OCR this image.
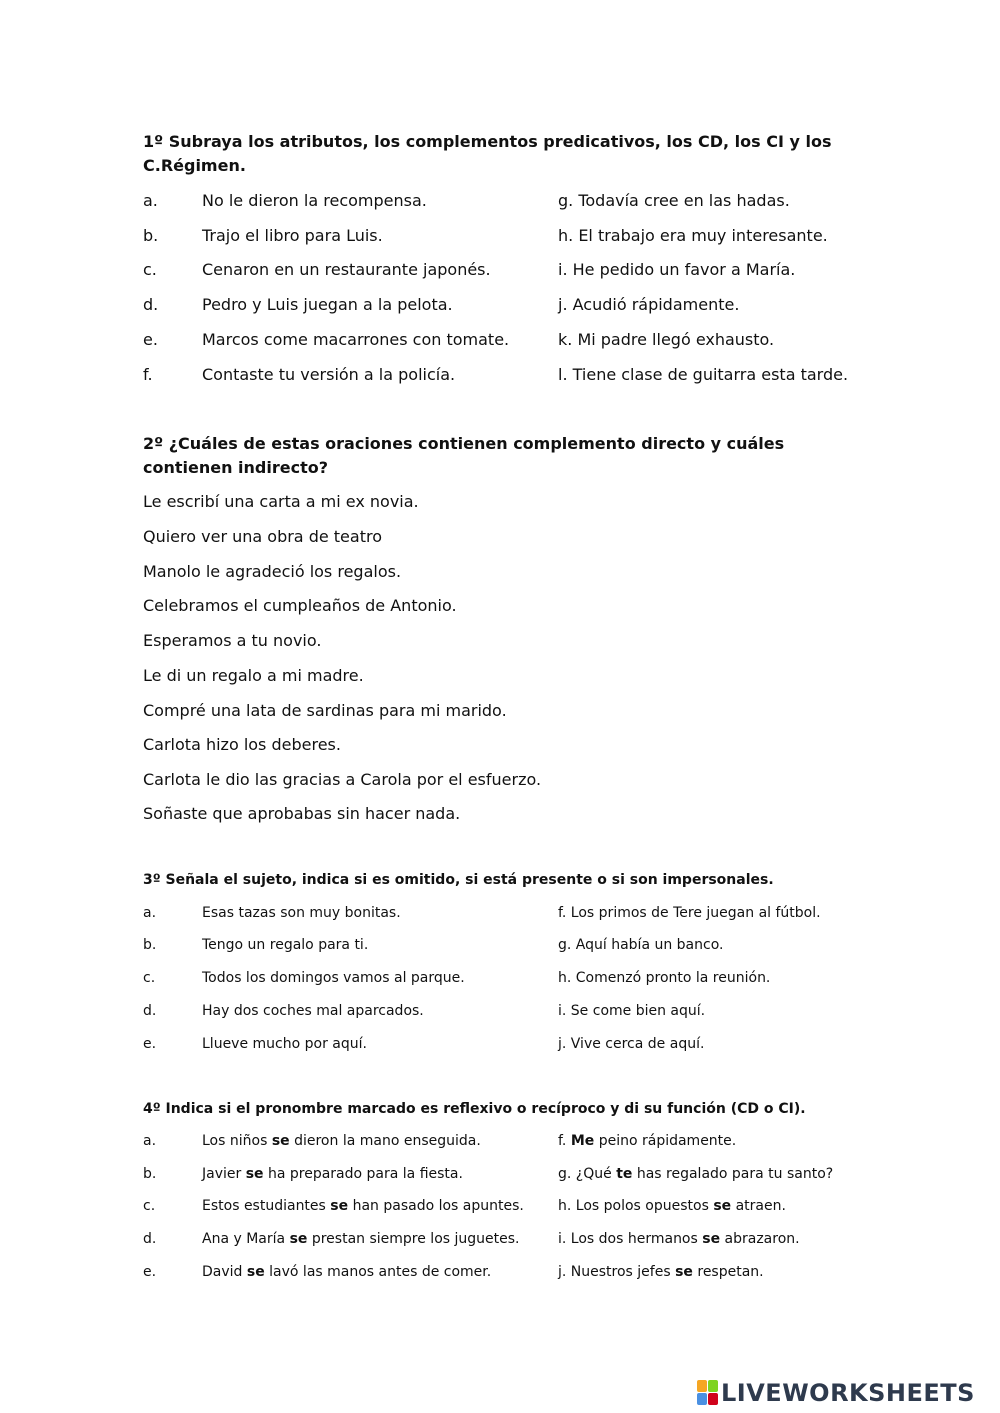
1º Subraya los atributos, los complementos predicativos, los CD, los CI y los C.Régimen.
a.	No le dieron la recompensa.	g. Todavía cree en las hadas.
b.	Trajo el libro para Luis.	h. El trabajo era muy interesante.
c.	Cenaron en un restaurante japonés.	i. He pedido un favor a María.
d.	Pedro y Luis juegan a la pelota.	j. Acudió rápidamente.
e.	Marcos come macarrones con tomate.	k. Mi padre llegó exhausto.
f.	Contaste tu versión a la policía.	l. Tiene clase de guitarra esta tarde.
2º ¿Cuáles de estas oraciones contienen complemento directo y cuáles contienen indirecto?
Le escribí una carta a mi ex novia.
Quiero ver una obra de teatro
Manolo le agradeció los regalos.
Celebramos el cumpleaños de Antonio.
Esperamos a tu novio.
Le di un regalo a mi madre.
Compré una lata de sardinas para mi marido.
Carlota hizo los deberes.
Carlota le dio las gracias a Carola por el esfuerzo.
Soñaste que aprobabas sin hacer nada.
3º Señala el sujeto, indica si es omitido, si está presente o si son impersonales.
a.	Esas tazas son muy bonitas.	f. Los primos de Tere juegan al fútbol.
b.	Tengo un regalo para ti.	g. Aquí había un banco.
c.	Todos los domingos vamos al parque.	h. Comenzó pronto la reunión.
d.	Hay dos coches mal aparcados.	i. Se come bien aquí.
e.	Llueve mucho por aquí.	j. Vive cerca de aquí.
4º Indica si el pronombre marcado es reflexivo o recíproco y di su función (CD o CI).
a.	Los niños se dieron la mano enseguida.	f. Me peino rápidamente.
b.	Javier se ha preparado para la fiesta.	g. ¿Qué te has regalado para tu santo?
c.	Estos estudiantes se han pasado los apuntes. h. Los polos opuestos se atraen.
d.	Ana y María se prestan siempre los juguetes.	i. Los dos hermanos se abrazaron.
e.	David se lavó las manos antes de comer.	j. Nuestros jefes se respetan.
LIVEWORKSHEETS
